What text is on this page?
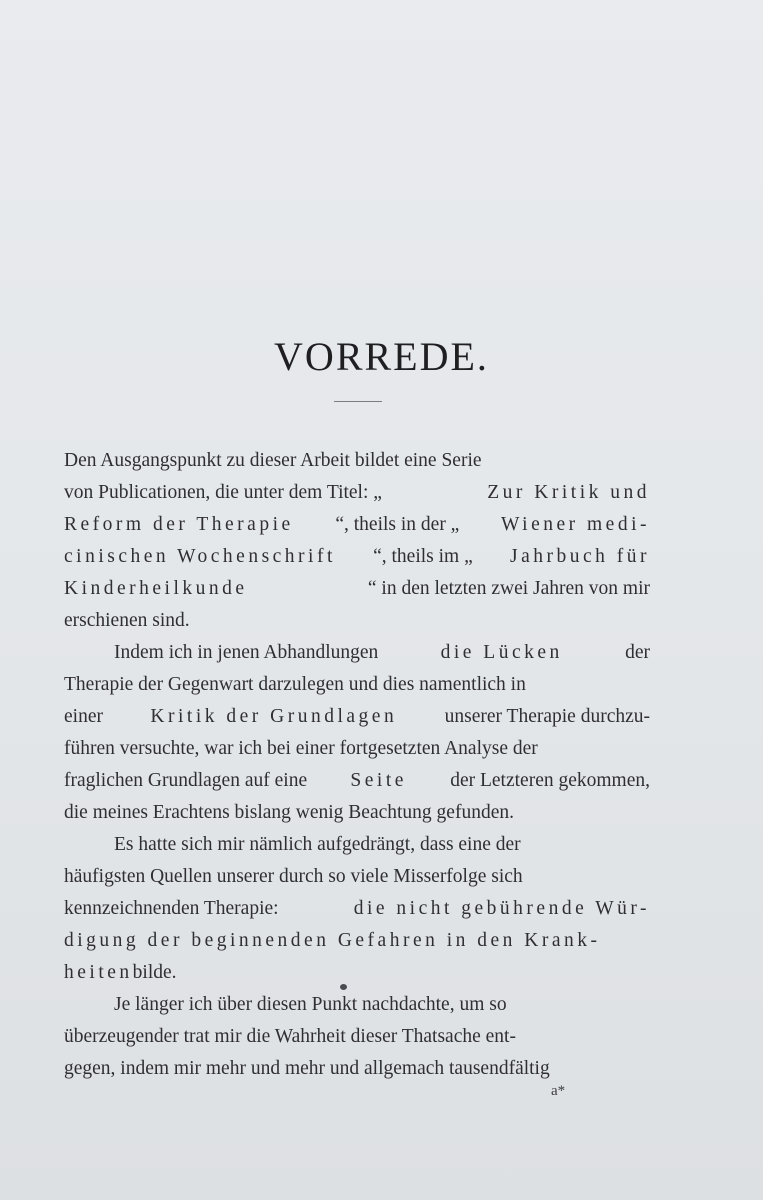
VORREDE.
Den Ausgangspunkt zu dieser Arbeit bildet eine Serie
von Publicationen, die unter dem Titel: „	Zur Kritik und
Reform der Therapie “, theils in der „ Wiener medi-
cinischen Wochenschrift “, theils im „ Jahrbuch für
Kinderheilkunde	“ in den letzten zwei Jahren von mir
erschienen sind.
Indem ich in jenen Abhandlungen	die Lücken	der
Therapie der Gegenwart darzulegen und dies namentlich in
einer Kritik der Grundlagen unserer Therapie durchzu-
führen versuchte, war ich bei einer fortgesetzten Analyse der
fraglichen Grundlagen auf eine Seite der Letzteren gekommen,
die meines Erachtens bislang wenig Beachtung gefunden.
Es hatte sich mir nämlich aufgedrängt, dass eine der
häufigsten Quellen unserer durch so viele Misserfolge sich
kennzeichnenden Therapie:	die nicht gebührende Wür-
digung der beginnenden Gefahren in den Krank-
heiten bilde.
Je länger ich über diesen Punkt nachdachte, um so
überzeugender trat mir die Wahrheit dieser Thatsache ent-
gegen, indem mir mehr und mehr und allgemach tausendfältig
a*
